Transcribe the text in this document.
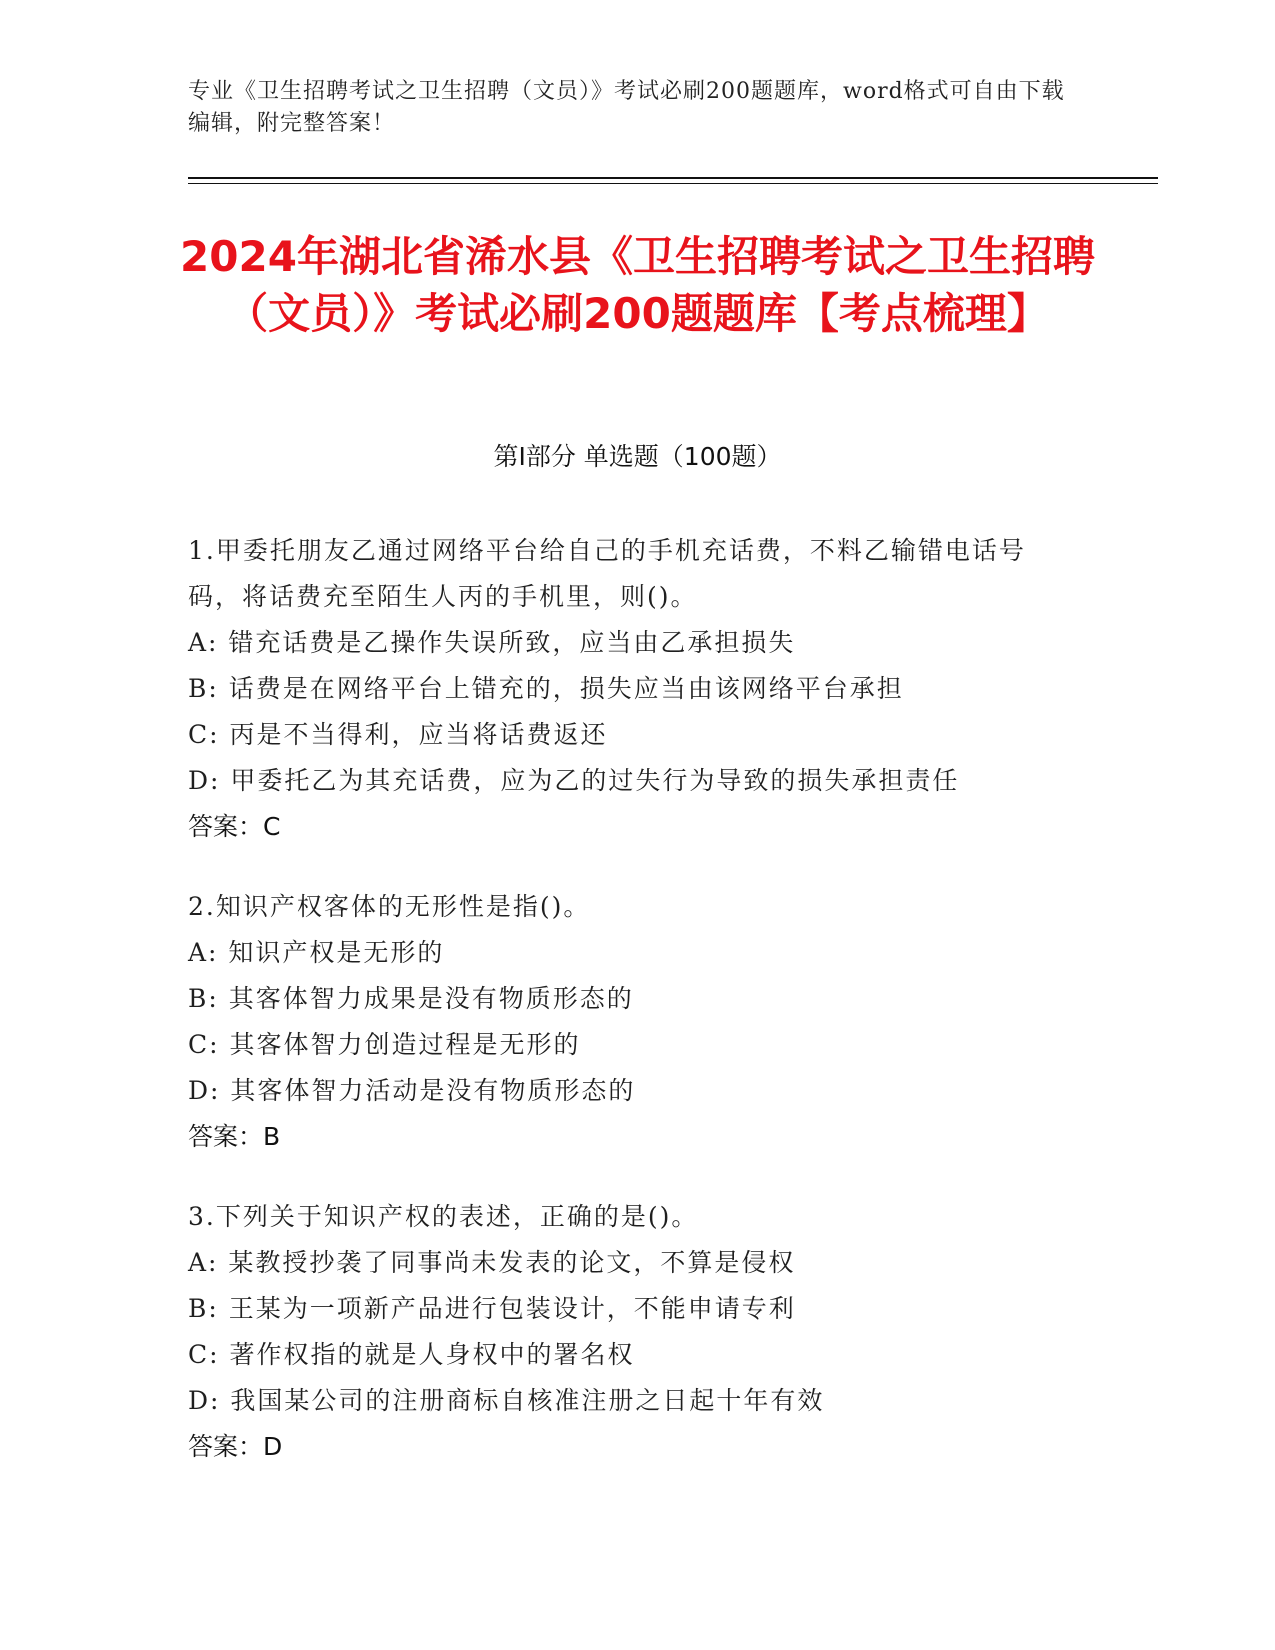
专业《卫生招聘考试之卫生招聘（文员）》考试必刷200题题库，word格式可自由下载编辑，附完整答案！
2024年湖北省浠水县《卫生招聘考试之卫生招聘（文员）》考试必刷200题题库【考点梳理】
第I部分 单选题（100题）
1.甲委托朋友乙通过网络平台给自己的手机充话费，不料乙输错电话号码，将话费充至陌生人丙的手机里，则()。
A: 错充话费是乙操作失误所致，应当由乙承担损失
B: 话费是在网络平台上错充的，损失应当由该网络平台承担
C: 丙是不当得利，应当将话费返还
D: 甲委托乙为其充话费，应为乙的过失行为导致的损失承担责任
答案：C
2.知识产权客体的无形性是指()。
A: 知识产权是无形的
B: 其客体智力成果是没有物质形态的
C: 其客体智力创造过程是无形的
D: 其客体智力活动是没有物质形态的
答案：B
3.下列关于知识产权的表述，正确的是()。
A: 某教授抄袭了同事尚未发表的论文，不算是侵权
B: 王某为一项新产品进行包装设计，不能申请专利
C: 著作权指的就是人身权中的署名权
D: 我国某公司的注册商标自核准注册之日起十年有效
答案：D
